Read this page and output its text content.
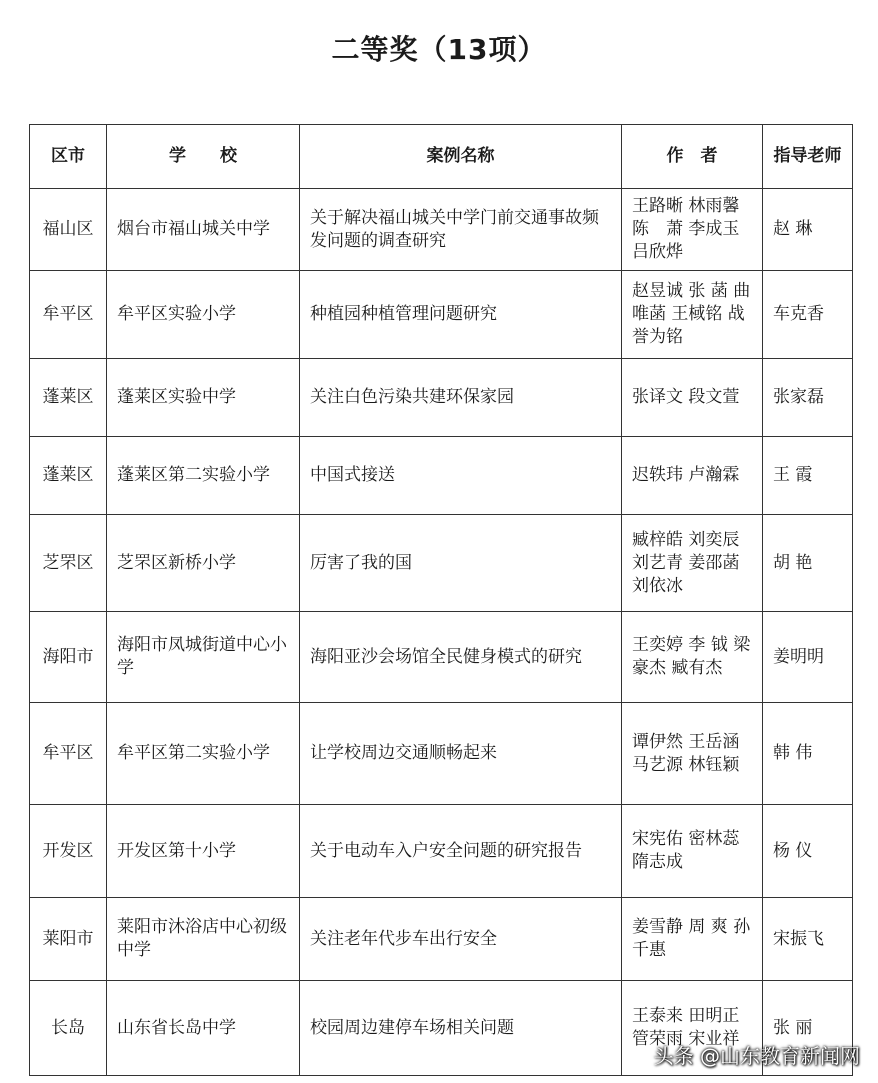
二等奖（13项）
区市	学　　校	案例名称	作　者	指导老师
福山区	烟台市福山城关中学	关于解决福山城关中学门前交通事故频发问题的调查研究	王路晰 林雨馨 陈　萧 李成玉 吕欣烨	赵 琳
牟平区	牟平区实验小学	种植园种植管理问题研究	赵昱诚 张 菡 曲唯菡 王棫铭 战誉为铭	车克香
蓬莱区	蓬莱区实验中学	关注白色污染共建环保家园	张译文 段文萱	张家磊
蓬莱区	蓬莱区第二实验小学	中国式接送	迟轶玮 卢瀚霖	王 霞
芝罘区	芝罘区新桥小学	厉害了我的国	臧梓皓 刘奕辰 刘艺青 姜邵菡 刘依冰	胡 艳
海阳市	海阳市凤城街道中心小学	海阳亚沙会场馆全民健身模式的研究	王奕婷 李 钺 梁豪杰 臧有杰	姜明明
牟平区	牟平区第二实验小学	让学校周边交通顺畅起来	谭伊然 王岳涵 马艺源 林钰颖	韩 伟
开发区	开发区第十小学	关于电动车入户安全问题的研究报告	宋宪佑 密林蕊 隋志成	杨 仪
莱阳市	莱阳市沐浴店中心初级中学	关注老年代步车出行安全	姜雪静 周 爽 孙千惠	宋振飞
长岛	山东省长岛中学	校园周边建停车场相关问题	王泰来 田明正 管荣雨 宋业祥	张 丽
头条 @山东教育新闻网
